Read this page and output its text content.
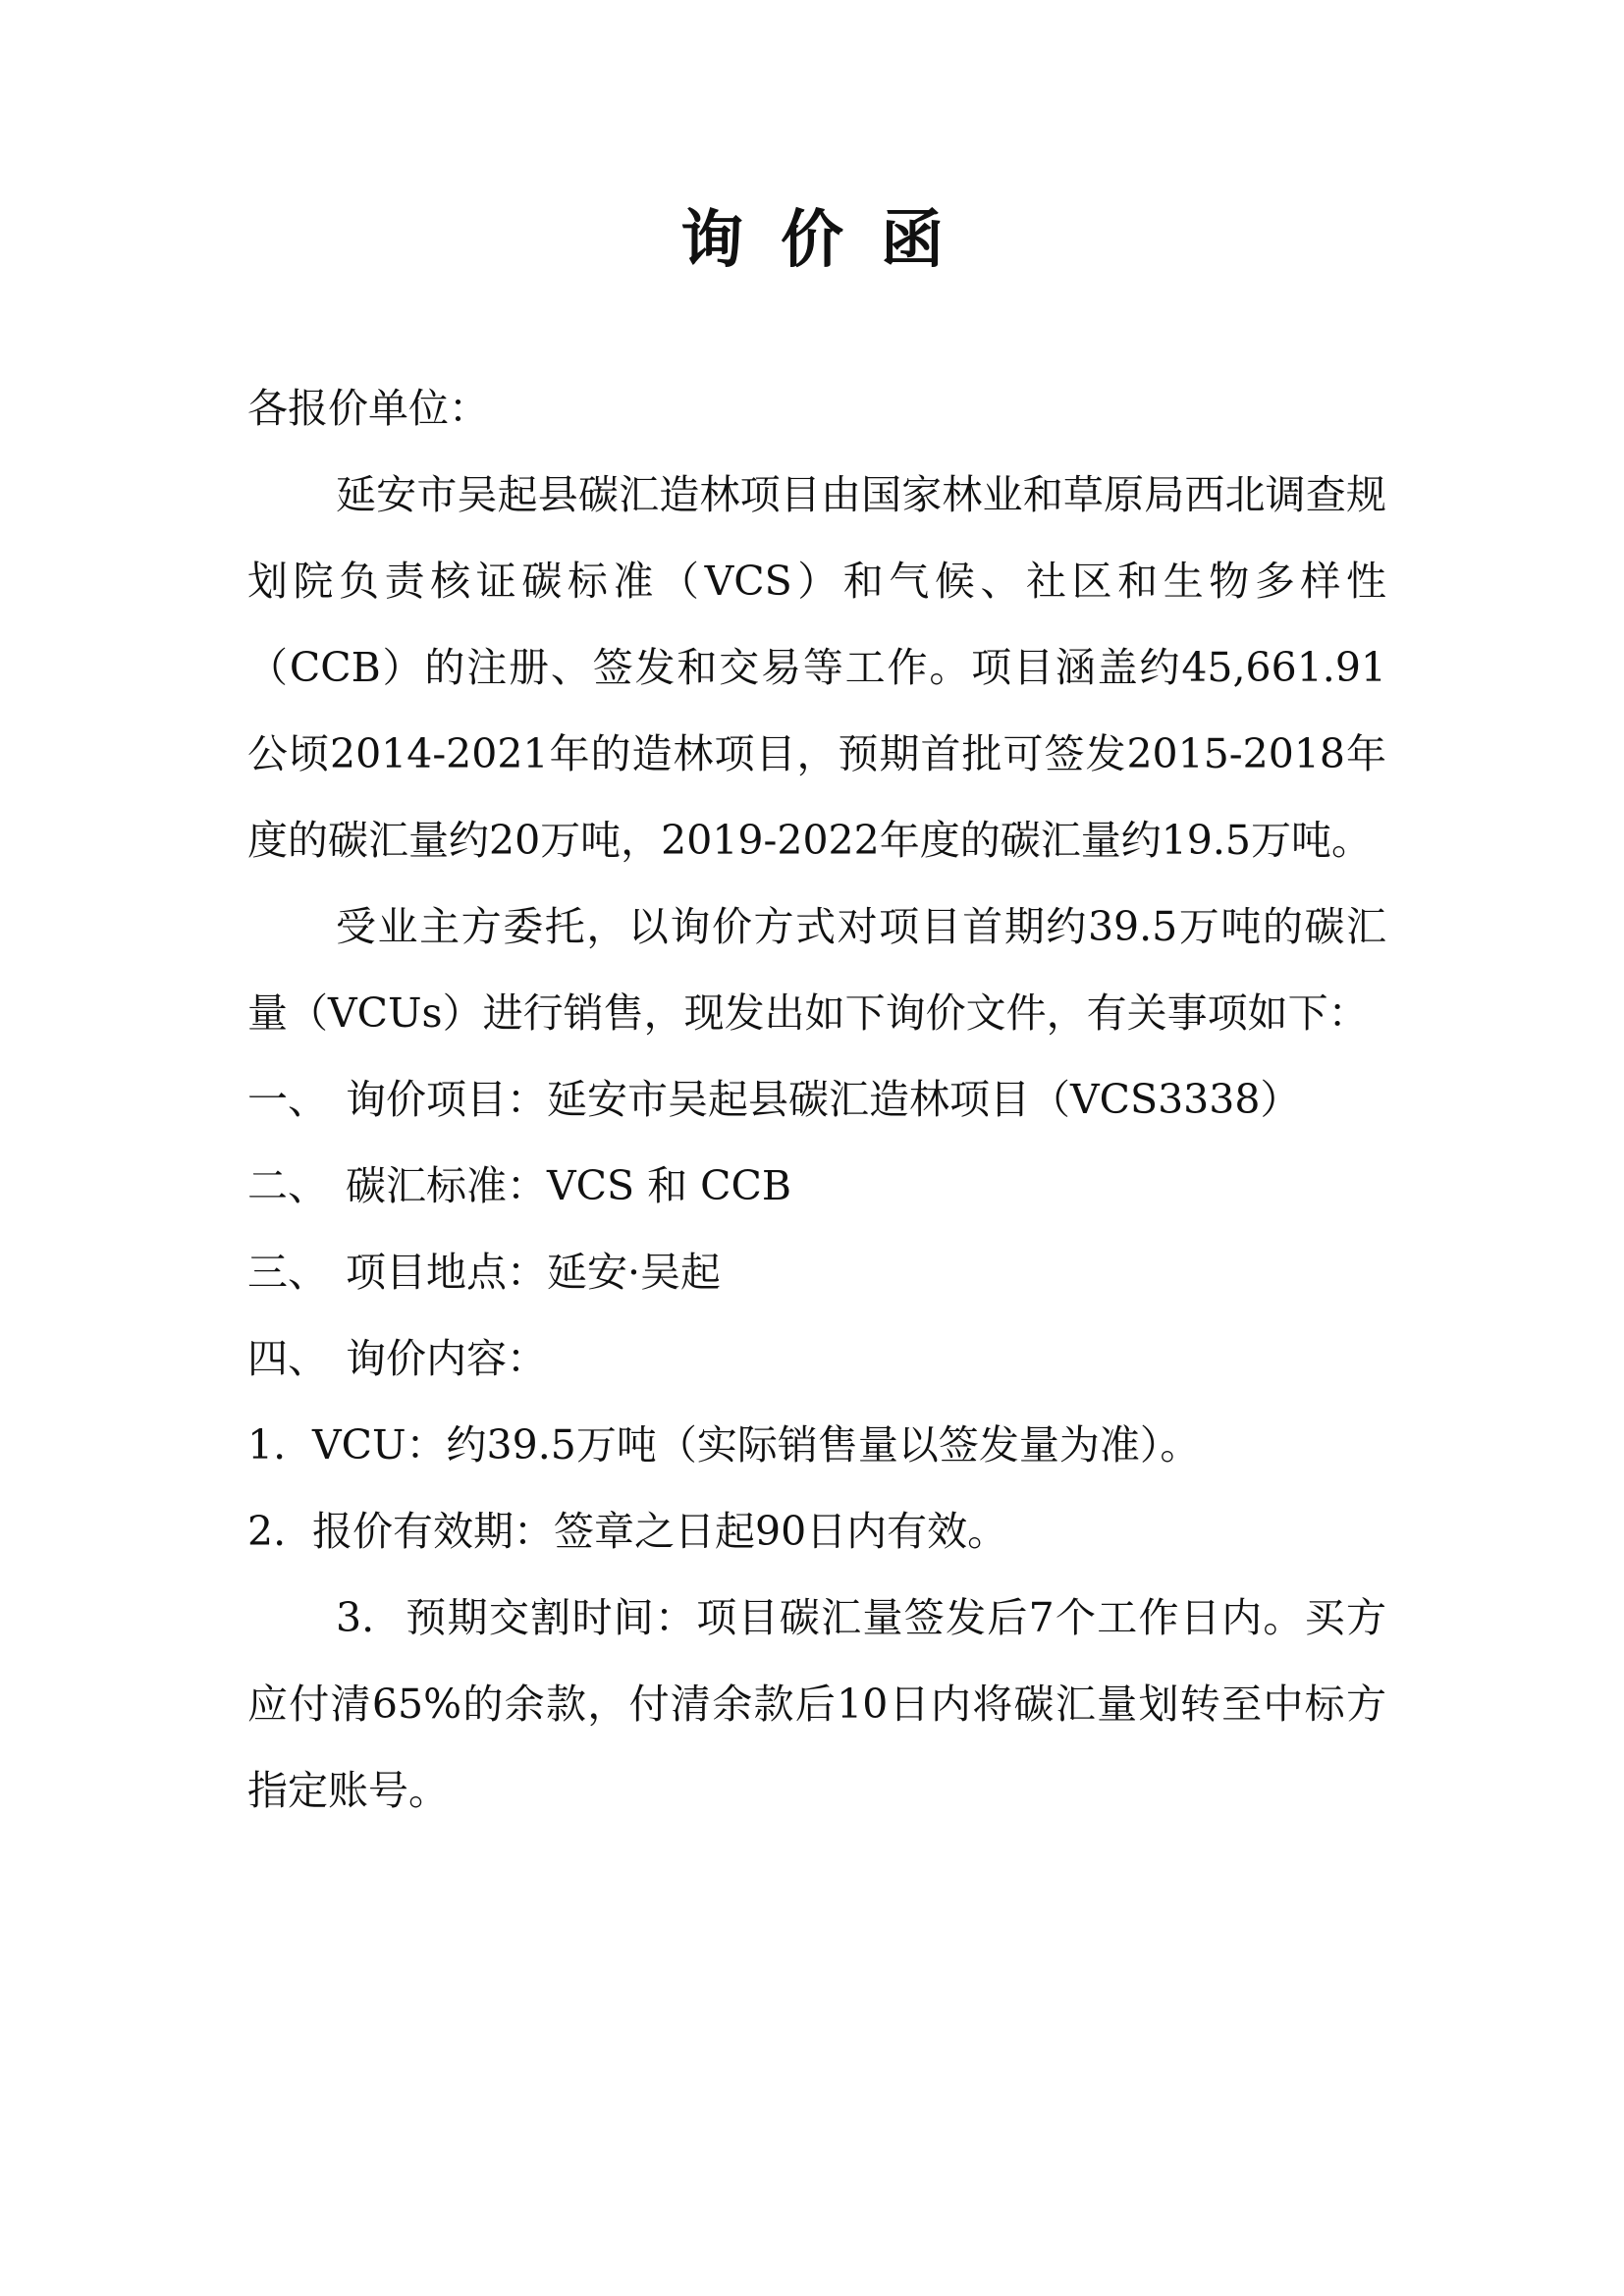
询价函

各报价单位：

延安市吴起县碳汇造林项目由国家林业和草原局西北调查规划院负责核证碳标准（VCS）和气候、社区和生物多样性（CCB）的注册、签发和交易等工作。项目涵盖约45,661.91公顷2014-2021年的造林项目，预期首批可签发2015-2018年度的碳汇量约20万吨，2019-2022年度的碳汇量约19.5万吨。

受业主方委托，以询价方式对项目首期约39.5万吨的碳汇量（VCUs）进行销售，现发出如下询价文件，有关事项如下：

一、 询价项目：延安市吴起县碳汇造林项目（VCS3338）

二、 碳汇标准：VCS 和 CCB

三、 项目地点：延安·吴起

四、 询价内容：

1. VCU：约39.5万吨（实际销售量以签发量为准）。

2. 报价有效期：签章之日起90日内有效。

3. 预期交割时间：项目碳汇量签发后7个工作日内。买方应付清65%的余款，付清余款后10日内将碳汇量划转至中标方指定账号。
